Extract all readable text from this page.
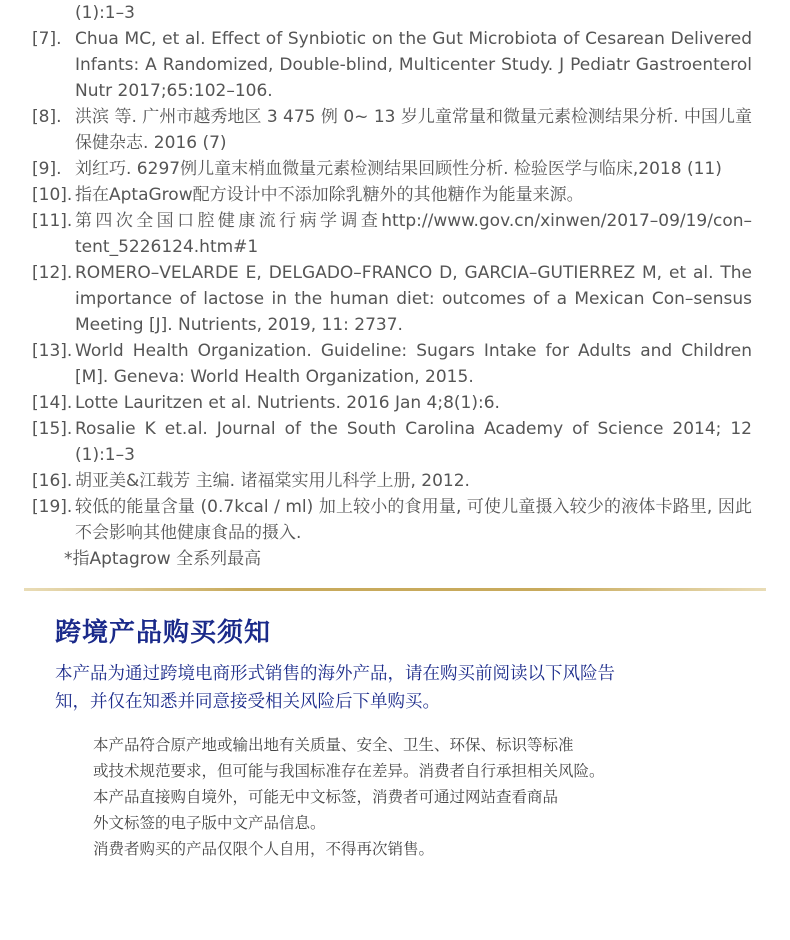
(1):1–3
[7]. Chua MC, et al. Effect of Synbiotic on the Gut Microbiota of Cesarean Delivered Infants: A Randomized, Double-blind, Multicenter Study. J Pediatr Gastroenterol Nutr 2017;65:102–106.
[8]. 洪滨 等. 广州市越秀地区 3 475 例 0~ 13 岁儿童常量和微量元素检测结果分析. 中国儿童保健杂志. 2016 (7)
[9]. 刘红巧. 6297例儿童末梢血微量元素检测结果回顾性分析. 检验医学与临床,2018 (11)
[10]. 指在AptaGrow配方设计中不添加除乳糖外的其他糖作为能量来源。
[11]. 第四次全国口腔健康流行病学调查http://www.gov.cn/xinwen/2017–09/19/con–tent_5226124.htm#1
[12]. ROMERO–VELARDE E, DELGADO–FRANCO D, GARCIA–GUTIERREZ M, et al. The importance of lactose in the human diet: outcomes of a Mexican Con–sensus Meeting [J]. Nutrients, 2019, 11: 2737.
[13]. World Health Organization. Guideline: Sugars Intake for Adults and Children [M]. Geneva: World Health Organization, 2015.
[14]. Lotte Lauritzen et al. Nutrients. 2016 Jan 4;8(1):6.
[15]. Rosalie K et.al. Journal of the South Carolina Academy of Science 2014; 12 (1):1–3
[16]. 胡亚美&江载芳 主编. 诸福棠实用儿科学上册, 2012.
[19]. 较低的能量含量 (0.7kcal / ml) 加上较小的食用量, 可使儿童摄入较少的液体卡路里, 因此不会影响其他健康食品的摄入.
*指Aptagrow 全系列最高
跨境产品购买须知
本产品为通过跨境电商形式销售的海外产品，请在购买前阅读以下风险告
知，并仅在知悉并同意接受相关风险后下单购买。
本产品符合原产地或输出地有关质量、安全、卫生、环保、标识等标准
或技术规范要求，但可能与我国标准存在差异。消费者自行承担相关风险。
本产品直接购自境外，可能无中文标签，消费者可通过网站查看商品
外文标签的电子版中文产品信息。
消费者购买的产品仅限个人自用，不得再次销售。
